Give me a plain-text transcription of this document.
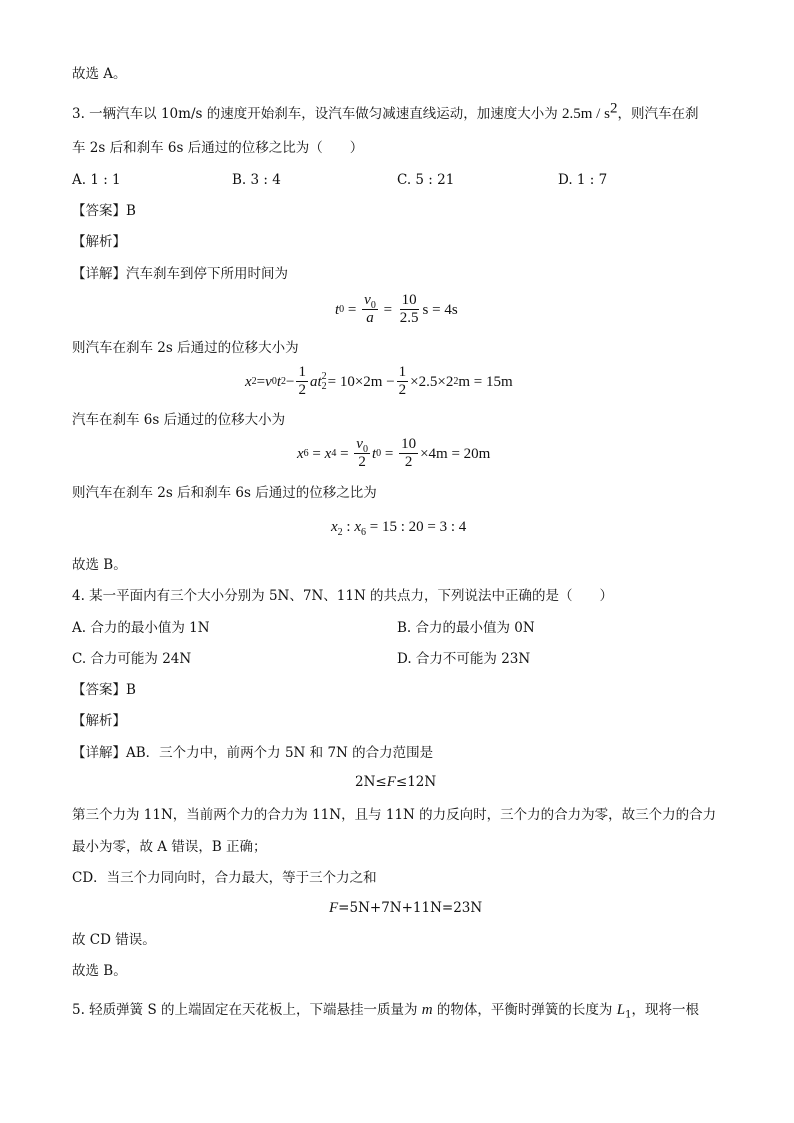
故选 A。
3. 一辆汽车以 10m/s 的速度开始刹车，设汽车做匀减速直线运动，加速度大小为 $2.5m / s^2$，则汽车在刹
车 2s 后和刹车 6s 后通过的位移之比为（　　）
A. 1 : 1	B. 3 : 4	C. 5 : 21	D. 1 : 7
【答案】B
【解析】
【详解】汽车刹车到停下所用时间为
t $0 = \frac{v_0}{a} = \frac{10}{2.5}$ s = 4s
则汽车在刹车 2s 后通过的位移大小为
x 2 = v 0 t $2 - \frac{1}{2}$ at 2
$2 = 10\times 2m - \frac{1}{2} \times 2.5\times 2$ 2 m = 15m
汽车在刹车 6s 后通过的位移大小为
x 6 = x $4 = \frac{v_0}{2}$ t $0 = \frac{10}{2} \times 4m = 20m$
则汽车在刹车 2s 后和刹车 6s 后通过的位移之比为
$x_2$ : $x_6 = 15$ : 20 = 3 : 4
故选 B。
4. 某一平面内有三个大小分别为 5N、7N、11N 的共点力，下列说法中正确的是（　　）
A. 合力的最小值为 1N	B. 合力的最小值为 0N
C. 合力可能为 24N	D. 合力不可能为 23N
【答案】B
【解析】
【详解】AB．三个力中，前两个力 5N 和 7N 的合力范围是
2N≤F≤12N
第三个力为 11N，当前两个力的合力为 11N，且与 11N 的力反向时，三个力的合力为零，故三个力的合力
最小为零，故 A 错误，B 正确；
CD．当三个力同向时，合力最大，等于三个力之和
F=5N+7N+11N=23N
故 CD 错误。
故选 B。
5. 轻质弹簧 S 的上端固定在天花板上，下端悬挂一质量为 m 的物体，平衡时弹簧的长度为 $L_1$，现将一根
